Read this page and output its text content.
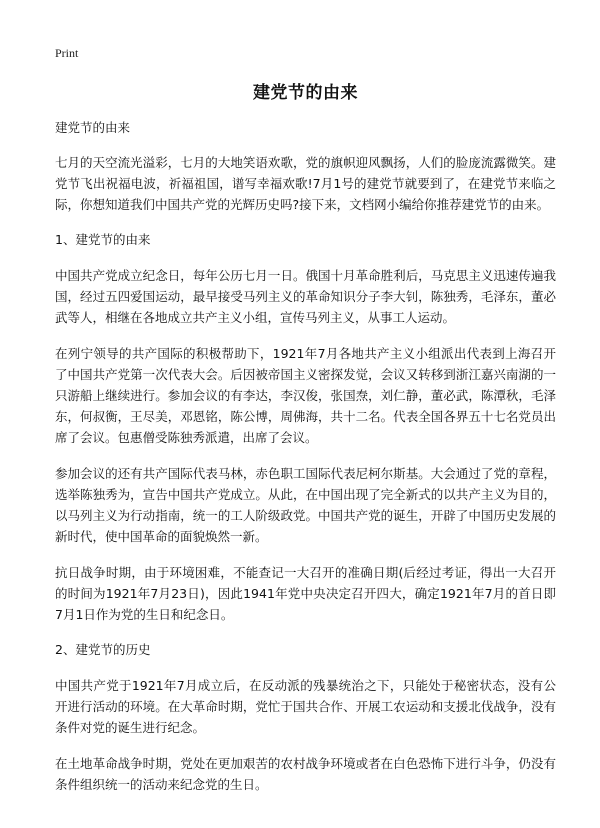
Print
建党节的由来

建党节的由来

七月的天空流光溢彩，七月的大地笑语欢歌，党的旗帜迎风飘扬，人们的脸庞流露微笑。建党节飞出祝福电波，祈福祖国，谱写幸福欢歌!7月1号的建党节就要到了，在建党节来临之际，你想知道我们中国共产党的光辉历史吗?接下来，文档网小编给你推荐建党节的由来。

1、建党节的由来

中国共产党成立纪念日，每年公历七月一日。俄国十月革命胜利后，马克思主义迅速传遍我国，经过五四爱国运动，最早接受马列主义的革命知识分子李大钊，陈独秀，毛泽东，董必武等人，相继在各地成立共产主义小组，宣传马列主义，从事工人运动。

在列宁领导的共产国际的积极帮助下，1921年7月各地共产主义小组派出代表到上海召开了中国共产党第一次代表大会。后因被帝国主义密探发觉，会议又转移到浙江嘉兴南湖的一只游船上继续进行。参加会议的有李达，李汉俊，张国焘，刘仁静，董必武，陈潭秋，毛泽东，何叔衡，王尽美，邓恩铭，陈公博，周佛海，共十二名。代表全国各界五十七名党员出席了会议。包惠僧受陈独秀派遣，出席了会议。

参加会议的还有共产国际代表马林，赤色职工国际代表尼柯尔斯基。大会通过了党的章程，选举陈独秀为，宣告中国共产党成立。从此，在中国出现了完全新式的以共产主义为目的，以马列主义为行动指南，统一的工人阶级政党。中国共产党的诞生，开辟了中国历史发展的新时代，使中国革命的面貌焕然一新。

抗日战争时期，由于环境困难，不能查记一大召开的准确日期(后经过考证，得出一大召开的时间为1921年7月23日)，因此1941年党中央决定召开四大，确定1921年7月的首日即7月1日作为党的生日和纪念日。

2、建党节的历史

中国共产党于1921年7月成立后，在反动派的残暴统治之下，只能处于秘密状态，没有公开进行活动的环境。在大革命时期，党忙于国共合作、开展工农运动和支援北伐战争，没有条件对党的诞生进行纪念。

在土地革命战争时期，党处在更加艰苦的农村战争环境或者在白色恐怖下进行斗争，仍没有条件组织统一的活动来纪念党的生日。
